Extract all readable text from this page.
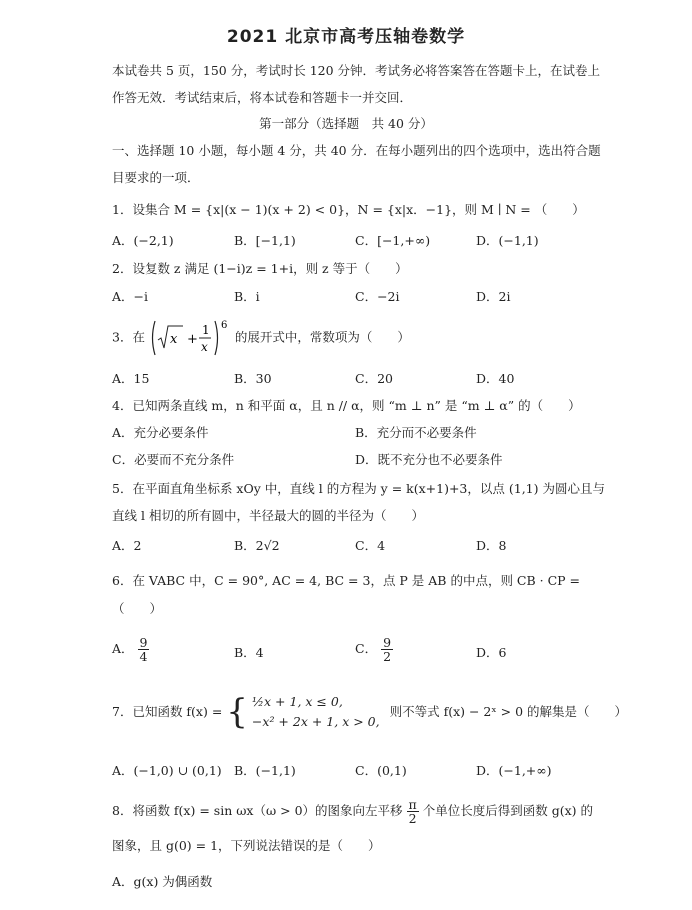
2021 北京市高考压轴卷数学
本试卷共 5 页，150 分，考试时长 120 分钟．考试务必将答案答在答题卡上，在试卷上
作答无效．考试结束后，将本试卷和答题卡一并交回．
第一部分（选择题　共 40 分）
一、选择题 10 小题，每小题 4 分，共 40 分．在每小题列出的四个选项中，选出符合题
目要求的一项．
1．设集合 M = {x|(x − 1)(x + 2) < 0}，N = {x|x．−1}，则 M ∣ N = （　　）
A．(−2,1)	B．[−1,1)	C．[−1,+∞)	D．(−1,1)
2．设复数 z 满足 (1−i)z = 1+i，则 z 等于（　　）
A．−i	B．i	C．−2i	D．2i
3．在 x +
1
x
6
的展开式中，常数项为（　　）
A．15	B．30	C．20	D．40
4．已知两条直线 m，n 和平面 α，且 n // α，则 “m ⊥ n” 是 “m ⊥ α” 的（　　）
A．充分必要条件	B．充分而不必要条件
C．必要而不充分条件	D．既不充分也不必要条件
5．在平面直角坐标系 xOy 中，直线 l 的方程为 y = k(x+1)+3，以点 (1,1) 为圆心且与
直线 l 相切的所有圆中，半径最大的圆的半径为（　　）
A．2	B．2√2	C．4	D．8
6．在 VABC 中，C = 90°, AC = 4, BC = 3，点 P 是 AB 的中点，则 CB · CP =
（　　）
A． $\frac{9}{4}$	B．4	C． $\frac{9}{2}$	D．6
7．已知函数 f(x) = { ½x + 1, x ≤ 0,
−x² + 2x + 1, x > 0,
则不等式 f(x) − 2ˣ > 0 的解集是（　　）
A．(−1,0) ∪ (0,1) B．(−1,1)	C．(0,1)	D．(−1,+∞)
8．将函数 f(x) = sin ωx（ω > 0）的图象向左平移 $\frac{\pi}{2}$ 个单位长度后得到函数 g(x) 的
图象，且 g(0) = 1，下列说法错误的是（　　）
A．g(x) 为偶函数
